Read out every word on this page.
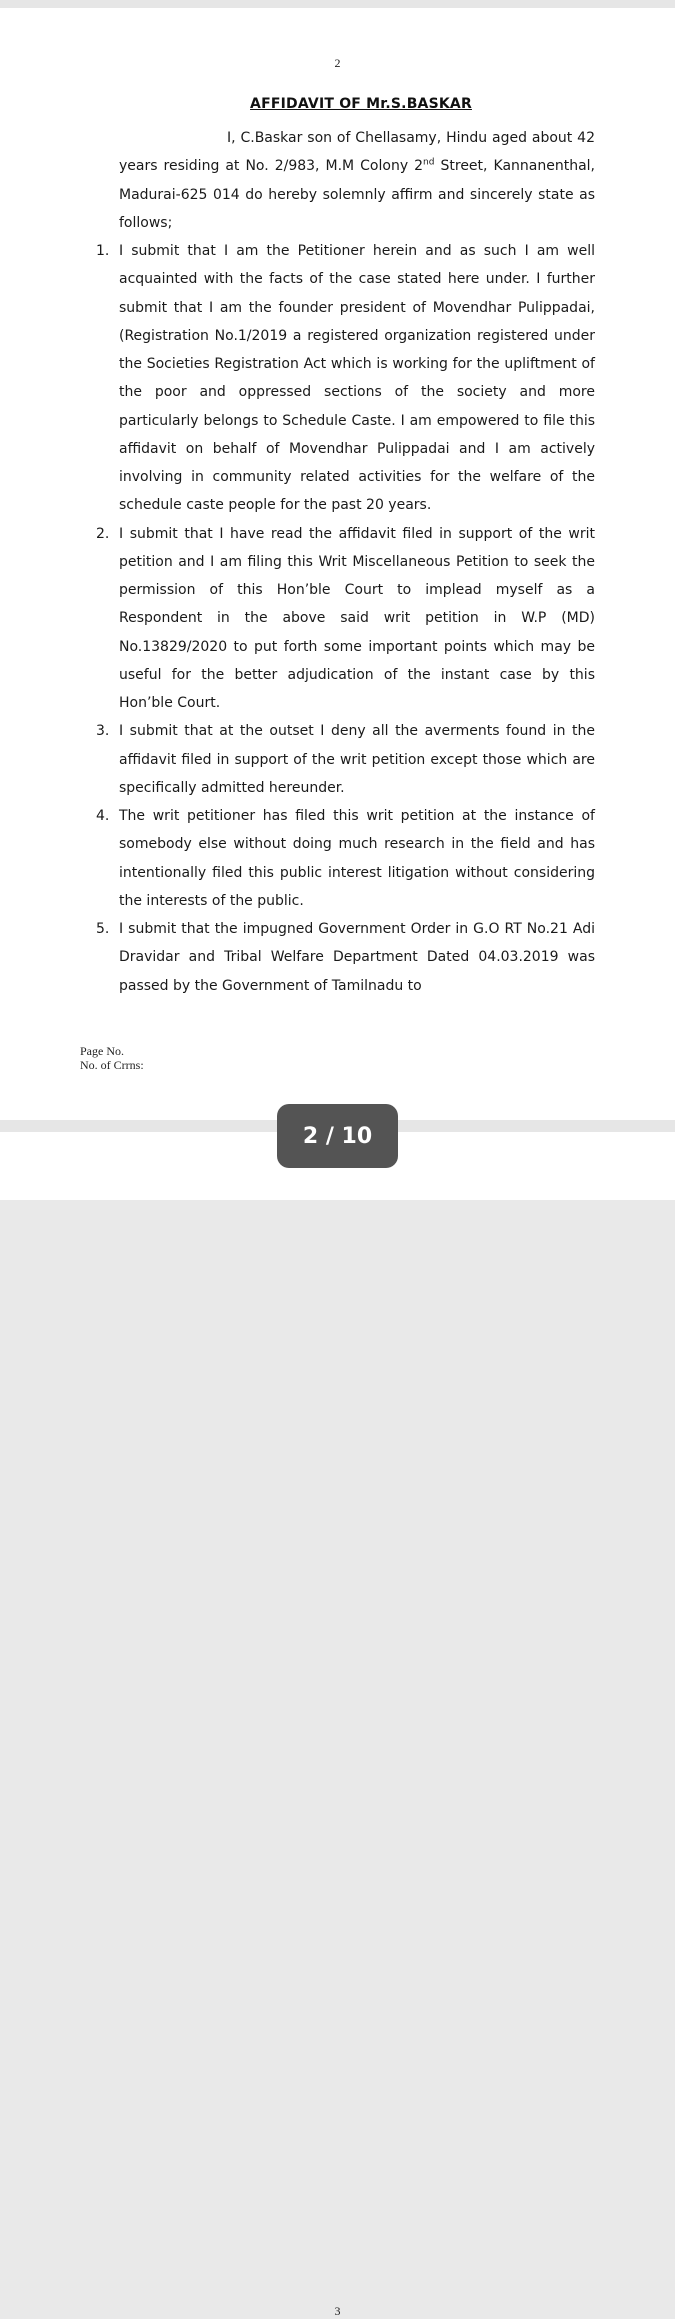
2
AFFIDAVIT OF Mr.S.BASKAR

I, C.Baskar son of Chellasamy, Hindu aged about 42 years residing at No. 2/983, M.M Colony 2nd Street, Kannanenthal, Madurai-625 014 do hereby solemnly affirm and sincerely state as follows;

1. I submit that I am the Petitioner herein and as such I am well acquainted with the facts of the case stated here under. I further submit that I am the founder president of Movendhar Pulippadai,(Registration No.1/2019 a registered organization registered under the Societies Registration Act which is working for the upliftment of the poor and oppressed sections of the society and more particularly belongs to Schedule Caste. I am empowered to file this affidavit on behalf of Movendhar Pulippadai and I am actively involving in community related activities for the welfare of the schedule caste people for the past 20 years.
2. I submit that I have read the affidavit filed in support of the writ petition and I am filing this Writ Miscellaneous Petition to seek the permission of this Hon’ble Court to implead myself as a Respondent in the above said writ petition in W.P (MD) No.13829/2020 to put forth some important points which may be useful for the better adjudication of the instant case by this Hon’ble Court.
3. I submit that at the outset I deny all the averments found in the affidavit filed in support of the writ petition except those which are specifically admitted hereunder.
4. The writ petitioner has filed this writ petition at the instance of somebody else without doing much research in the field and has intentionally filed this public interest litigation without considering the interests of the public.
5. I submit that the impugned Government Order in G.O RT No.21 Adi Dravidar and Tribal Welfare Department Dated 04.03.2019 was passed by the Government of Tamilnadu to
Page No.
No. of Crrns:
3
2 / 10
